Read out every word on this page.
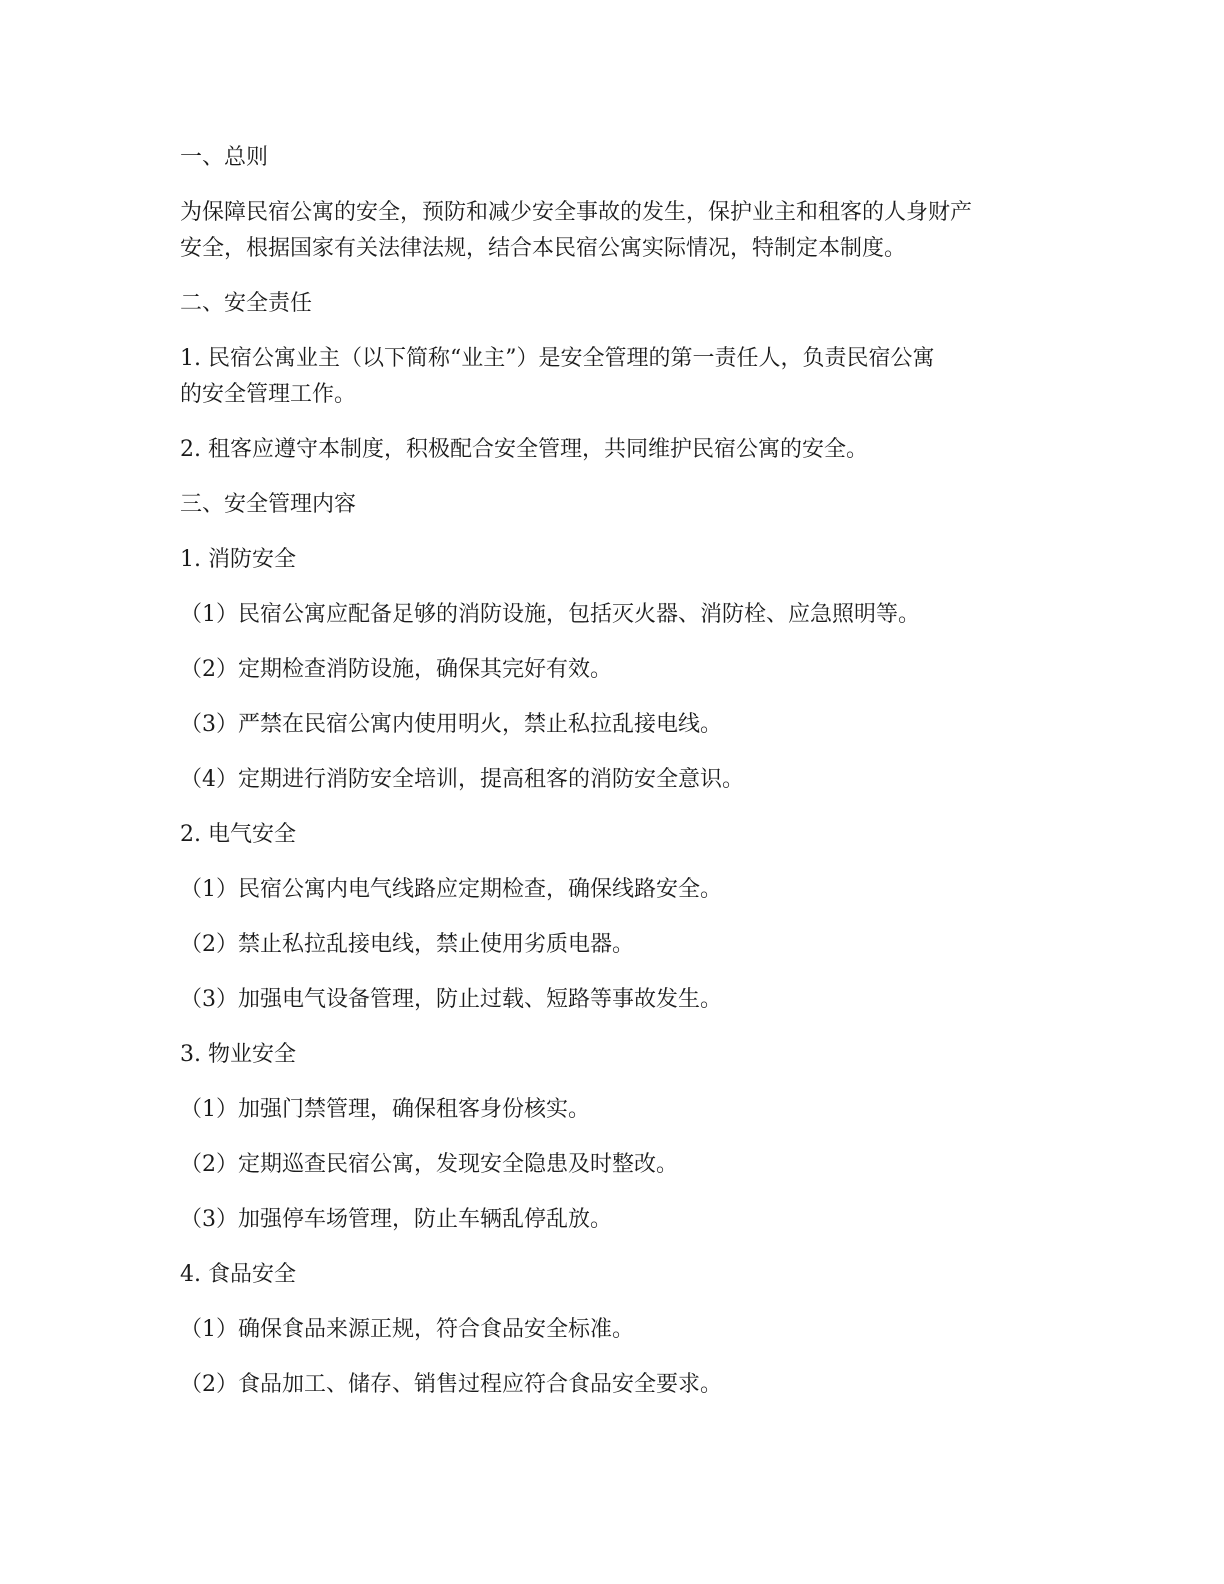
一、总则

为保障民宿公寓的安全，预防和减少安全事故的发生，保护业主和租客的人身财产

安全，根据国家有关法律法规，结合本民宿公寓实际情况，特制定本制度。

二、安全责任

1. 民宿公寓业主（以下简称“业主”）是安全管理的第一责任人，负责民宿公寓

的安全管理工作。

2. 租客应遵守本制度，积极配合安全管理，共同维护民宿公寓的安全。

三、安全管理内容

1. 消防安全

（1）民宿公寓应配备足够的消防设施，包括灭火器、消防栓、应急照明等。

（2）定期检查消防设施，确保其完好有效。

（3）严禁在民宿公寓内使用明火，禁止私拉乱接电线。

（4）定期进行消防安全培训，提高租客的消防安全意识。

2. 电气安全

（1）民宿公寓内电气线路应定期检查，确保线路安全。

（2）禁止私拉乱接电线，禁止使用劣质电器。

（3）加强电气设备管理，防止过载、短路等事故发生。

3. 物业安全

（1）加强门禁管理，确保租客身份核实。

（2）定期巡查民宿公寓，发现安全隐患及时整改。

（3）加强停车场管理，防止车辆乱停乱放。

4. 食品安全

（1）确保食品来源正规，符合食品安全标准。

（2）食品加工、储存、销售过程应符合食品安全要求。
